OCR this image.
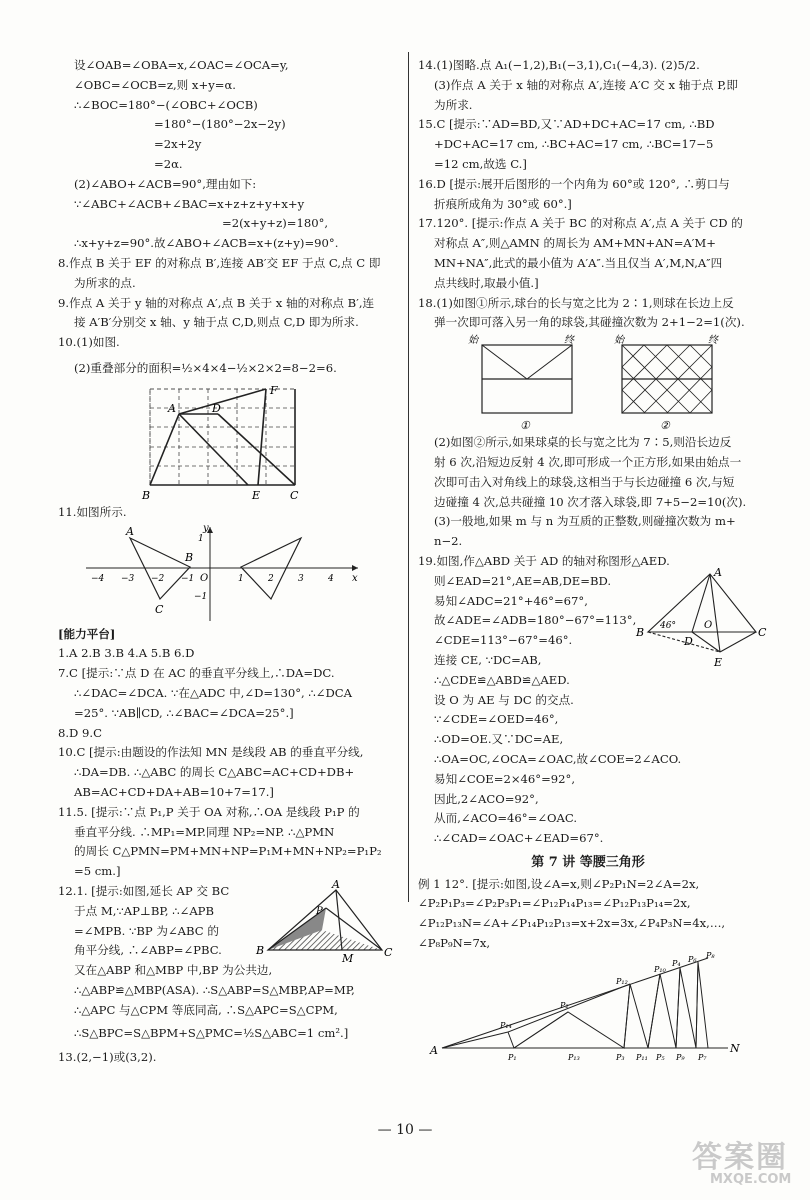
设∠OAB=∠OBA=x,∠OAC=∠OCA=y,
∠OBC=∠OCB=z,则 x+y=α.
∴∠BOC=180°−(∠OBC+∠OCB)
=180°−(180°−2x−2y)
=2x+2y
=2α.
(2)∠ABO+∠ACB=90°,理由如下:
∵∠ABC+∠ACB+∠BAC=x+z+z+y+x+y
=2(x+y+z)=180°,
∴x+y+z=90°.故∠ABO+∠ACB=x+(z+y)=90°.
8.作点 B 关于 EF 的对称点 B′,连接 AB′交 EF 于点 C,点 C 即
为所求的点.
9.作点 A 关于 y 轴的对称点 A′,点 B 关于 x 轴的对称点 B′,连
接 A′B′分别交 x 轴、y 轴于点 C,D,则点 C,D 即为所求.
10.(1)如图.
(2)重叠部分的面积=½×4×4−½×2×2=8−2=6.
F
A	D
B	E	C
11.如图所示.
y
x
O
−4 −3 −2 −1	1	2	3	4
1
−1
A
B
C
[能力平台]
1.A 2.B 3.B 4.A 5.B 6.D
7.C [提示:∵点 D 在 AC 的垂直平分线上,∴DA=DC.
∴∠DAC=∠DCA. ∵在△ADC 中,∠D=130°, ∴∠DCA
=25°. ∵AB∥CD, ∴∠BAC=∠DCA=25°.]
8.D 9.C
10.C [提示:由题设的作法知 MN 是线段 AB 的垂直平分线,
∴DA=DB. ∴△ABC 的周长 C△ABC=AC+CD+DB+
AB=AC+CD+DA+AB=10+7=17.]
11.5. [提示:∵点 P₁,P 关于 OA 对称,∴OA 是线段 P₁P 的
垂直平分线. ∴MP₁=MP.同理 NP₂=NP. ∴△PMN
的周长 C△PMN=PM+MN+NP=P₁M+MN+NP₂=P₁P₂
=5 cm.]
12.1. [提示:如图,延长 AP 交 BC
于点 M,∵AP⊥BP, ∴∠APB
=∠MPB. ∵BP 为∠ABC 的
角平分线, ∴∠ABP=∠PBC.
A
P
B
M	C
又在△ABP 和△MBP 中,BP 为公共边,
∴△ABP≌△MBP(ASA). ∴S△ABP=S△MBP,AP=MP,
∴△APC 与△CPM 等底同高, ∴S△APC=S△CPM,
∴S△BPC=S△BPM+S△PMC=½S△ABC=1 cm².]
13.(2,−1)或(3,2).
14.(1)图略.点 A₁(−1,2),B₁(−3,1),C₁(−4,3). (2)5/2.
(3)作点 A 关于 x 轴的对称点 A′,连接 A′C 交 x 轴于点 P,即
为所求.
15.C [提示:∵AD=BD,又∵AD+DC+AC=17 cm, ∴BD
+DC+AC=17 cm, ∴BC+AC=17 cm, ∴BC=17−5
=12 cm,故选 C.]
16.D [提示:展开后图形的一个内角为 60°或 120°, ∴剪口与
折痕所成角为 30°或 60°.]
17.120°. [提示:作点 A 关于 BC 的对称点 A′,点 A 关于 CD 的
对称点 A″,则△AMN 的周长为 AM+MN+AN=A′M+
MN+NA″,此式的最小值为 A′A″.当且仅当 A′,M,N,A″四
点共线时,取最小值.]
18.(1)如图①所示,球台的长与宽之比为 2∶1,则球在长边上反
弹一次即可落入另一角的球袋,其碰撞次数为 2+1−2=1(次).
始	终
①
始	终
②
(2)如图②所示,如果球桌的长与宽之比为 7∶5,则沿长边反
射 6 次,沿短边反射 4 次,即可形成一个正方形,如果由始点一
次即可击入对角线上的球袋,这相当于与长边碰撞 6 次,与短
边碰撞 4 次,总共碰撞 10 次才落入球袋,即 7+5−2=10(次).
(3)一般地,如果 m 与 n 为互质的正整数,则碰撞次数为 m+
n−2.
19.如图,作△ABD 关于 AD 的轴对称图形△AED.
则∠EAD=21°,AE=AB,DE=BD.
易知∠ADC=21°+46°=67°,
故∠ADE=∠ADB=180°−67°=113°,
∠CDE=113°−67°=46°.
连接 CE, ∵DC=AB,
∴△CDE≌△ABD≌△AED.
A
B
O
D
C
E
46°
设 O 为 AE 与 DC 的交点.
∵∠CDE=∠OED=46°,
∴OD=OE.又∵DC=AE,
∴OA=OC,∠OCA=∠OAC,故∠COE=2∠ACO.
易知∠COE=2×46°=92°,
因此,2∠ACO=92°,
从而,∠ACO=46°=∠OAC.
∴∠CAD=∠OAC+∠EAD=67°.
第 7 讲 等腰三角形
例 1 12°. [提示:如图,设∠A=x,则∠P₂P₁N=2∠A=2x,
∠P₂P₁P₃=∠P₂P₃P₁=∠P₁₂P₁₄P₁₃=∠P₁₂P₁₃P₁₄=2x,
∠P₁₂P₁₃N=∠A+∠P₁₄P₁₂P₁₃=x+2x=3x,∠P₄P₃N=4x,…,
∠P₈P₉N=7x,
A	N
P₁	P₁₃	P₃ P₁₁ P₅ P₉ P₇
P₁₄
P₂
P₁₂
P₁₀
P₄ P₆ P₈
— 10 —
答案圈
MXQE.COM
